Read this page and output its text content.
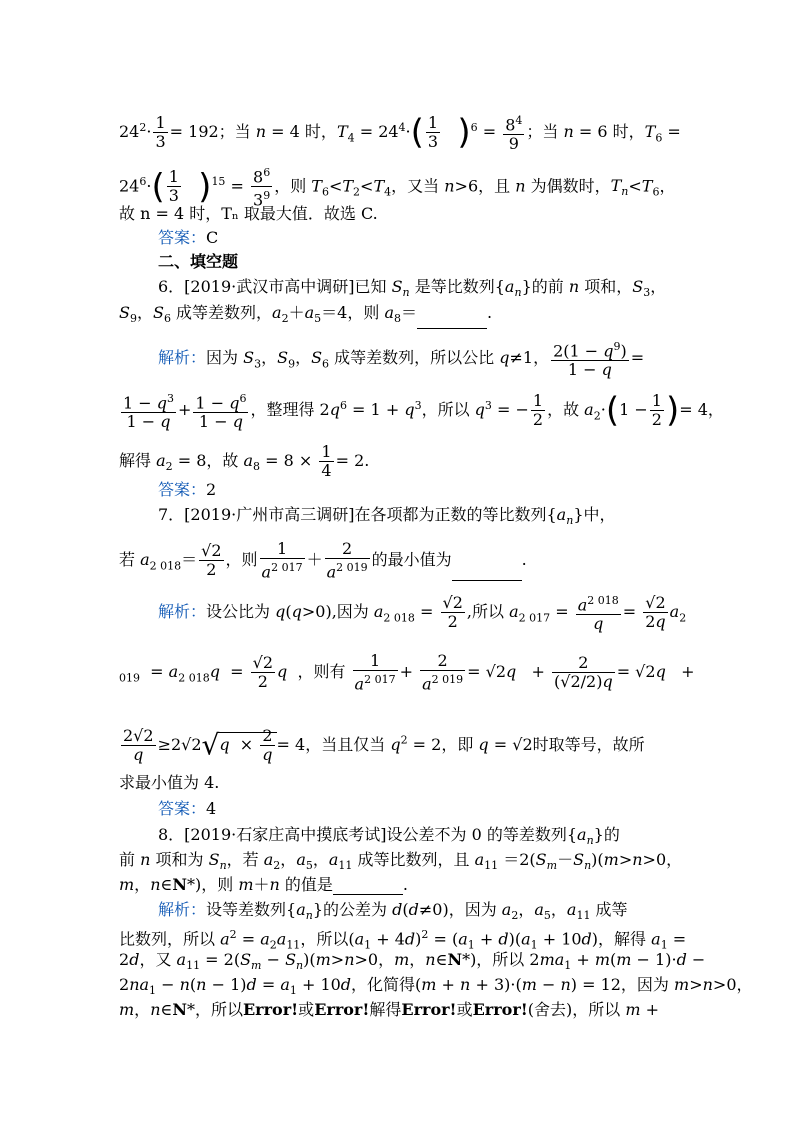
$24^2\cdot \frac{1}{3} = 192$；当 n = 4 时，$T_4 = 24^4\cdot( \frac{1}{3} )^6 = \frac{8^4}{9}$ ；当 n = 6 时，$T_6$ =
$24^6\cdot( \frac{1}{3} )^{15} = \frac{8^6}{3^9}$ ，则 $T_6<T_2<T_4$，又当 n>6，且 n 为偶数时，$T_n<T_6$，
故 n = 4 时，Tₙ 取最大值．故选 C.
答案：C
二、填空题
6．[2019·武汉市高中调研]已知 $S_n$ 是等比数列$\{a_n\}$的前 n 项和，$S_3$，
$S_9$，$S_6$ 成等差数列，$a_2+a_5=4$，则 $a_8=$	.
解析：因为 $S_3$，$S_9$，$S_6$ 成等差数列，所以公比 q≠1， $\frac{2(1 - q^9)}{1 - q}$ =
$\frac{1 - q^3}{1 - q} + \frac{1 - q^6}{1 - q}$ ，整理得 $2q^6 = 1 + q^3$，所以 $q^3$ = − $\frac{1}{2}$ ，故 $a_2\cdot(1 - \frac{1}{2}$ )= 4，
解得 $a_2 = 8$，故 $a_8 = 8 \times \frac{1}{4} = 2$.
答案：2
7．[2019·广州市高三调研]在各项都为正数的等比数列$\{a_n\}$中，
若 $a_{2 018}= \frac{√2}{2}$ ，则 $\frac{1}{a^{2 017}} + \frac{2}{a^{2 019}}$ 的最小值为	.
解析：设公比为 q(q>0),因为 $a_{2 018} = \frac{√2}{2}$ ,所以 $a_{2 017} = \frac{a^{2 018}}{q} = \frac{√2}{2q} a_2$
$_{019} = a_{2 018}q = \frac{√2}{2}$ q  ，则有 $\frac{1}{a^{2 017}} + \frac{2}{a^{2 019}} = √2q + \frac{2}{(√2/2)q} = √2q$   +
$\frac{2√2}{q} \ge 2√2√q \times \frac{2}{q} = 4$，当且仅当 $q^2 = 2$，即 q = √2时取等号，故所
求最小值为 4.
答案：4
8．[2019·石家庄高中摸底考试]设公差不为 0 的等差数列$\{a_n\}$的
前 n 项和为 $S_n$，若 $a_2$，$a_5$，$a_{11}$ 成等比数列，且 $a_{11} =2(S_m-S_n)(m>n>0$，
m，n∈N*)，则 m＋n 的值是	.
解析：设等差数列$\{a_n\}$的公差为 d(d≠0)，因为 $a_2$，$a_5$，$a_{11}$ 成等
比数列，所以 $a^2 = a_2a_{11}$，所以$(a_1 + 4d)^2 = (a_1 + d)(a_1 + 10d)$，解得 $a_1$ =
2d，又 $a_{11} = 2(S_m - S_n)(m>n>0$，m，n∈N*)，所以 $2ma_1 + m(m - 1)\cdot d$ −
$2na_1 - n(n - 1)d = a_1 + 10d$，化简得(m + n + 3)·(m − n) = 12，因为 m>n>0，
m，n∈N*，所以Error!或Error!解得Error!或Error!(舍去)，所以 m +
